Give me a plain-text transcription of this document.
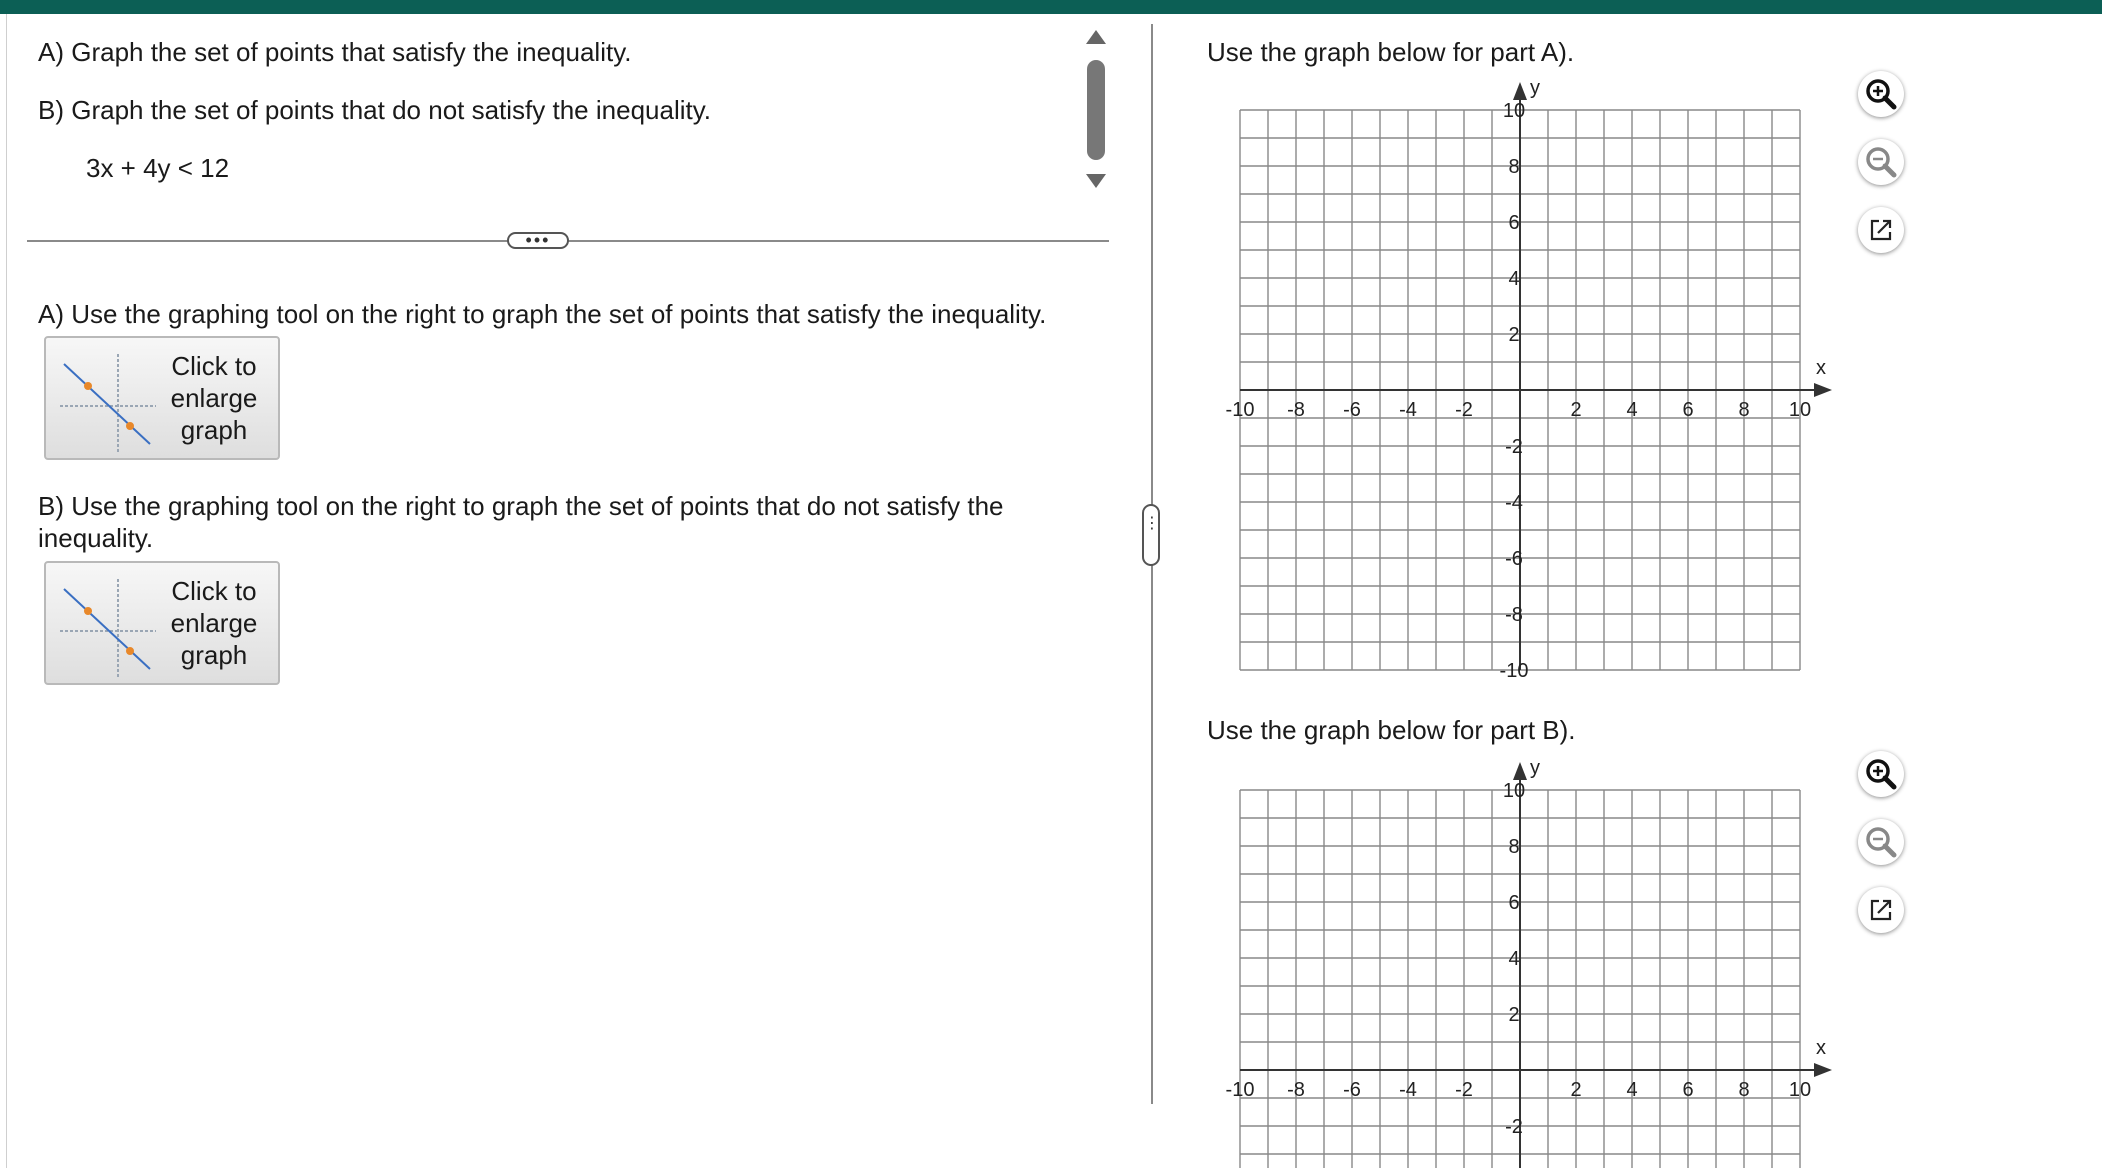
A) Graph the set of points that satisfy the inequality.
B) Graph the set of points that do not satisfy the inequality.
3x + 4y < 12
•••
A) Use the graphing tool on the right to graph the set of points that satisfy the inequality.
Click to
enlarge
graph
B) Use the graphing tool on the right to graph the set of points that do not satisfy the inequality.
Click to
enlarge
graph
⋮
Use the graph below for part A).
x
y
-10 -8 -6 -4 -2	2 4 6 8 10
10
8
6
4
2
-2
-4
-6
-8
-10
Use the graph below for part B).
x
y
-10 -8 -6 -4 -2	2 4 6 8 10
10
8
6
4
2
-2
